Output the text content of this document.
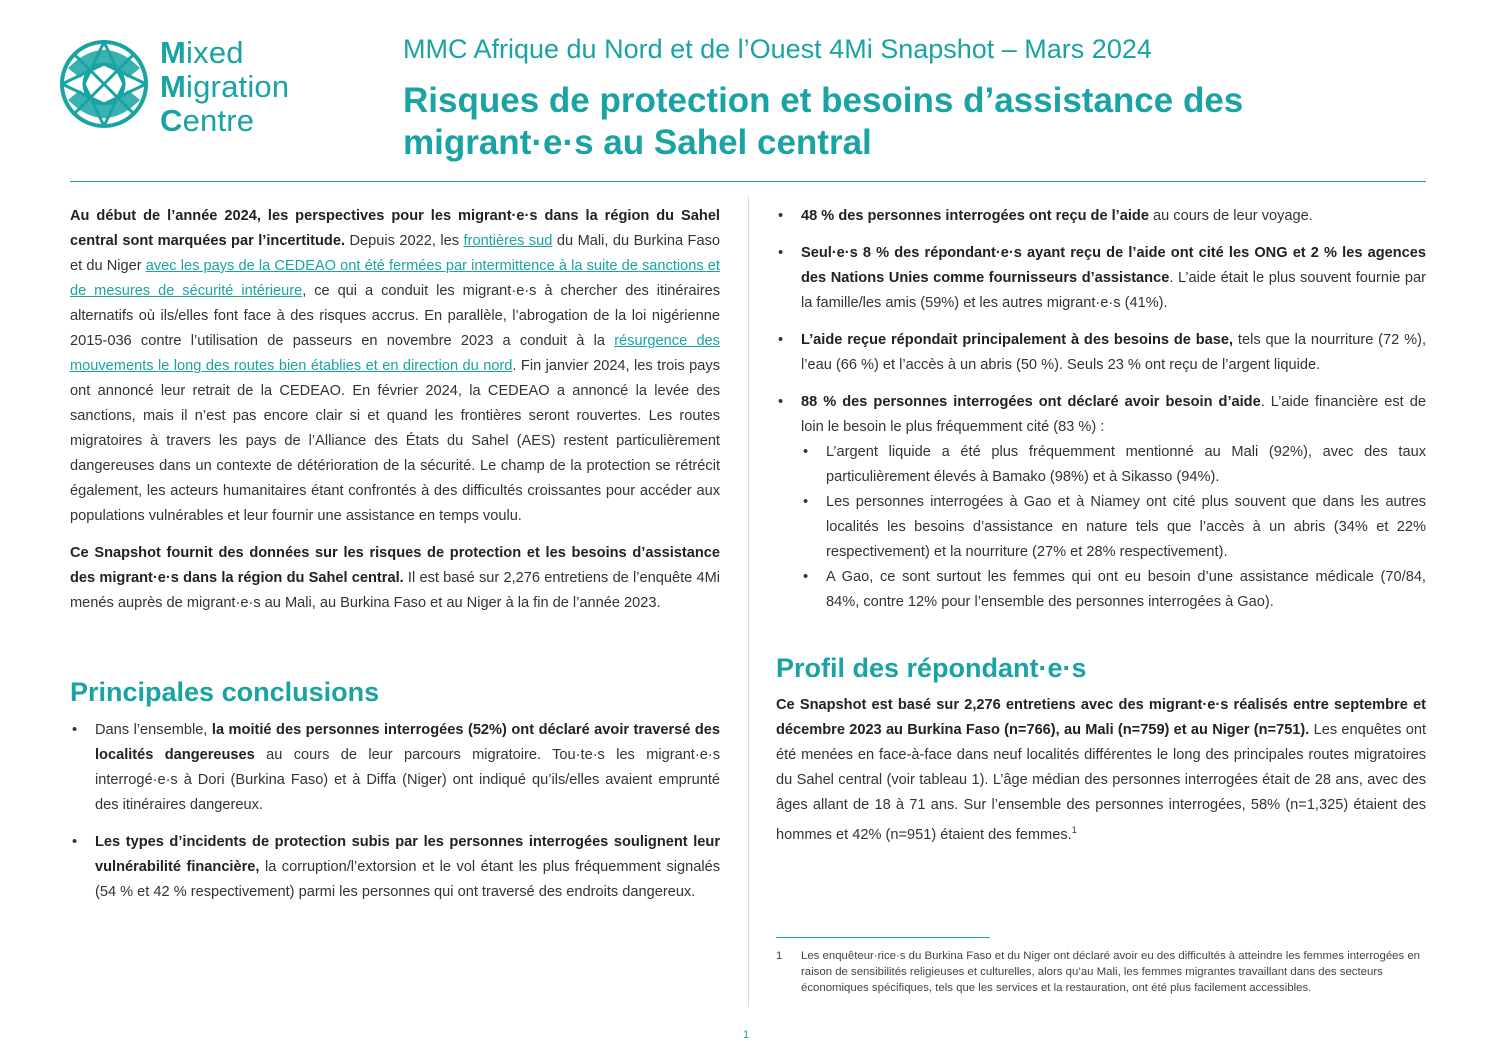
Mixed
Migration
Centre
MMC Afrique du Nord et de l’Ouest 4Mi Snapshot – Mars 2024
Risques de protection et besoins d’assistance des migrant·e·s au Sahel central

Au début de l’année 2024, les perspectives pour les migrant·e·s dans la région du Sahel central sont marquées par l’incertitude. Depuis 2022, les frontières sud du Mali, du Burkina Faso et du Niger avec les pays de la CEDEAO ont été fermées par intermittence à la suite de sanctions et de mesures de sécurité intérieure, ce qui a conduit les migrant·e·s à chercher des itinéraires alternatifs où ils/elles font face à des risques accrus. En parallèle, l’abrogation de la loi nigérienne 2015-036 contre l’utilisation de passeurs en novembre 2023 a conduit à la résurgence des mouvements le long des routes bien établies et en direction du nord. Fin janvier 2024, les trois pays ont annoncé leur retrait de la CEDEAO. En février 2024, la CEDEAO a annoncé la levée des sanctions, mais il n’est pas encore clair si et quand les frontières seront rouvertes. Les routes migratoires à travers les pays de l’Alliance des États du Sahel (AES) restent particulièrement dangereuses dans un contexte de détérioration de la sécurité. Le champ de la protection se rétrécit également, les acteurs humanitaires étant confrontés à des difficultés croissantes pour accéder aux populations vulnérables et leur fournir une assistance en temps voulu.

Ce Snapshot fournit des données sur les risques de protection et les besoins d’assistance des migrant·e·s dans la région du Sahel central. Il est basé sur 2,276 entretiens de l’enquête 4Mi menés auprès de migrant·e·s au Mali, au Burkina Faso et au Niger à la fin de l’année 2023.

Principales conclusions
• Dans l’ensemble, la moitié des personnes interrogées (52%) ont déclaré avoir traversé des localités dangereuses au cours de leur parcours migratoire. Tou·te·s les migrant·e·s interrogé·e·s à Dori (Burkina Faso) et à Diffa (Niger) ont indiqué qu’ils/elles avaient emprunté des itinéraires dangereux.
• Les types d’incidents de protection subis par les personnes interrogées soulignent leur vulnérabilité financière, la corruption/l’extorsion et le vol étant les plus fréquemment signalés (54 % et 42 % respectivement) parmi les personnes qui ont traversé des endroits dangereux.
• 48 % des personnes interrogées ont reçu de l’aide au cours de leur voyage.
• Seul·e·s 8 % des répondant·e·s ayant reçu de l’aide ont cité les ONG et 2 % les agences des Nations Unies comme fournisseurs d’assistance. L’aide était le plus souvent fournie par la famille/les amis (59%) et les autres migrant·e·s (41%).
• L’aide reçue répondait principalement à des besoins de base, tels que la nourriture (72 %), l’eau (66 %) et l’accès à un abris (50 %). Seuls 23 % ont reçu de l’argent liquide.
• 88 % des personnes interrogées ont déclaré avoir besoin d’aide. L’aide financière est de loin le besoin le plus fréquemment cité (83 %) :
• L’argent liquide a été plus fréquemment mentionné au Mali (92%), avec des taux particulièrement élevés à Bamako (98%) et à Sikasso (94%).
• Les personnes interrogées à Gao et à Niamey ont cité plus souvent que dans les autres localités les besoins d’assistance en nature tels que l’accès à un abris (34% et 22% respectivement) et la nourriture (27% et 28% respectivement).
• A Gao, ce sont surtout les femmes qui ont eu besoin d’une assistance médicale (70/84, 84%, contre 12% pour l’ensemble des personnes interrogées à Gao).
Profil des répondant·e·s

Ce Snapshot est basé sur 2,276 entretiens avec des migrant·e·s réalisés entre septembre et décembre 2023 au Burkina Faso (n=766), au Mali (n=759) et au Niger (n=751). Les enquêtes ont été menées en face-à-face dans neuf localités différentes le long des principales routes migratoires du Sahel central (voir tableau 1). L’âge médian des personnes interrogées était de 28 ans, avec des âges allant de 18 à 71 ans. Sur l’ensemble des personnes interrogées, 58% (n=1,325) étaient des hommes et 42% (n=951) étaient des femmes.$^1$

1	Les enquêteur·rice·s du Burkina Faso et du Niger ont déclaré avoir eu des difficultés à atteindre les femmes interrogées en raison de sensibilités religieuses et culturelles, alors qu’au Mali, les femmes migrantes travaillant dans des secteurs économiques spécifiques, tels que les services et la restauration, ont été plus facilement accessibles.
1
